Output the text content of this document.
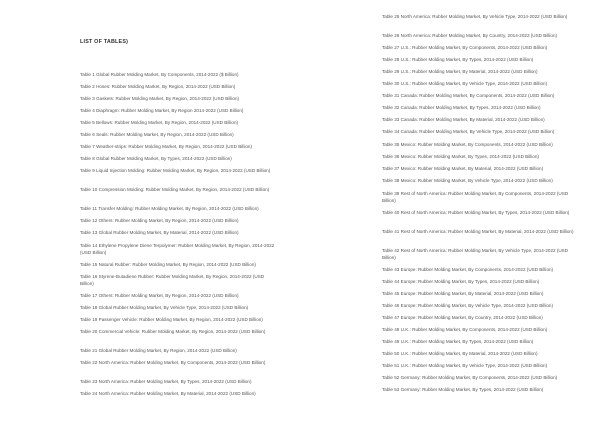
LIST OF TABLES)
Table 1 Global Rubber Molding Market, By Components, 2014-2022 ($ Billion)
Table 2 Hoses: Rubber Molding Market, By Region, 2014-2022 (USD Billion)
Table 3 Gaskets: Rubber Molding Market, By Region, 2014-2022 (USD Billion)
Table 4 Diaphragm: Rubber Molding Market, By Region 2014-2022 (USD Billion)
Table 5 Bellows: Rubber Molding Market, By Region, 2014-2022 (USD Billion)
Table 6 Seals: Rubber Molding Market, By Region, 2014-2022 (USD Billion)
Table 7 Weather-strips: Rubber Molding Market, By Region, 2014-2022 (USD Billion)
Table 8 Global Rubber Molding Market, By Types, 2014-2022 (USD Billion)
Table 9 Liquid Injection Molding: Rubber Molding Market, By Region, 2014-2022 (USD Billion)
Table 10 Compression Molding: Rubber Molding Market, By Region, 2014-2022 (USD Billion)
Table 11 Transfer Molding: Rubber Molding Market, By Region, 2014-2022 (USD Billion)
Table 12 Others: Rubber Molding Market, By Region, 2014-2022 (USD Billion)
Table 13 Global Rubber Molding Market, By Material, 2014-2022 (USD Billion)
Table 14 Ethylene Propylene Diene Terpolymer: Rubber Molding Market, By Region, 2014-2022 (USD Billion)
Table 15 Natural Rubber: Rubber Molding Market, By Region, 2014-2022 (USD Billion)
Table 16 Styrene-Butadiene Rubber: Rubber Molding Market, By Region, 2014-2022 (USD Billion)
Table 17 Others: Rubber Molding Market, By Region, 2014-2022 (USD Billion)
Table 18 Global Rubber Molding Market, By Vehicle Type, 2014-2022 (USD Billion)
Table 19 Passenger Vehicle: Rubber Molding Market, By Region, 2014-2022 (USD Billion)
Table 20 Commercial Vehicle: Rubber Molding Market, By Region, 2014-2022 (USD Billion)
Table 21 Global Rubber Molding Market, By Region, 2014-2022 (USD Billion)
Table 22 North America: Rubber Molding Market, By Components, 2014-2022 (USD Billion)
Table 23 North America: Rubber Molding Market, By Types, 2014-2022 (USD Billion)
Table 24 North America: Rubber Molding Market, By Material, 2014-2022 (USD Billion)
Table 25 North America: Rubber Molding Market, By Vehicle Type, 2014-2022 (USD Billion)
Table 26 North America: Rubber Molding Market, By Country, 2014-2022 (USD Billion)
Table 27 U.S.: Rubber Molding Market, By Components, 2014-2022 (USD Billion)
Table 28 U.S.: Rubber Molding Market, By Types, 2014-2022 (USD Billion)
Table 29 U.S.: Rubber Molding Market, By Material, 2014-2022 (USD Billion)
Table 30 U.S.: Rubber Molding Market, By Vehicle Type, 2014-2022 (USD Billion)
Table 31 Canada: Rubber Molding Market, By Components, 2014-2022 (USD Billion)
Table 32 Canada: Rubber Molding Market, By Types, 2014-2022 (USD Billion)
Table 33 Canada: Rubber Molding Market, By Material, 2014-2022 (USD Billion)
Table 34 Canada: Rubber Molding Market, By Vehicle Type, 2014-2022 (USD Billion)
Table 35 Mexico: Rubber Molding Market, By Components, 2014-2022 (USD Billion)
Table 36 Mexico: Rubber Molding Market, By Types, 2014-2022 (USD Billion)
Table 37 Mexico: Rubber Molding Market, By Material, 2014-2022 (USD Billion)
Table 38 Mexico: Rubber Molding Market, By Vehicle Type, 2014-2022 (USD Billion)
Table 39 Rest of North America: Rubber Molding Market, By Components, 2014-2022 (USD Billion)
Table 40 Rest of North America: Rubber Molding Market, By Types, 2014-2022 (USD Billion)
Table 41 Rest of North America: Rubber Molding Market, By Material, 2014-2022 (USD Billion)
Table 42 Rest of North America: Rubber Molding Market, By Vehicle Type, 2014-2022 (USD Billion)
Table 43 Europe: Rubber Molding Market, By Components, 2014-2022 (USD Billion)
Table 44 Europe: Rubber Molding Market, By Types, 2014-2022 (USD Billion)
Table 45 Europe: Rubber Molding Market, By Material, 2014-2022 (USD Billion)
Table 46 Europe: Rubber Molding Market, By Vehicle Type, 2014-2022 (USD Billion)
Table 47 Europe: Rubber Molding Market, By Country, 2014-2022 (USD Billion)
Table 48 U.K.: Rubber Molding Market, By Components, 2014-2022 (USD Billion)
Table 49 U.K.: Rubber Molding Market, By Types, 2014-2022 (USD Billion)
Table 50 U.K.: Rubber Molding Market, By Material, 2014-2022 (USD Billion)
Table 51 U.K.: Rubber Molding Market, By Vehicle Type, 2014-2022 (USD Billion)
Table 52 Germany: Rubber Molding Market, By Components, 2014-2022 (USD Billion)
Table 53 Germany: Rubber Molding Market, By Types, 2014-2022 (USD Billion)
